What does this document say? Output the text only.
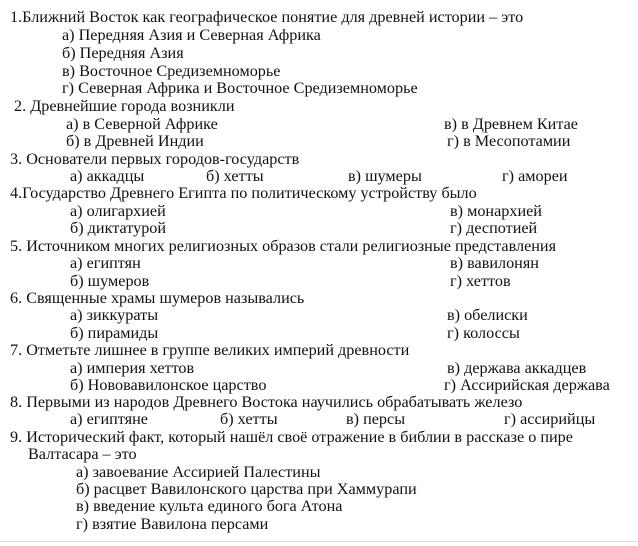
1.Ближний Восток как географическое понятие для древней истории – это
а) Передняя Азия и Северная Африка
б) Передняя Азия
в) Восточное Средиземноморье
г) Северная Африка и Восточное Средиземноморье
2. Древнейшие города возникли
а) в Северной Африке	в) в Древнем Китае
б) в Древней Индии	г) в Месопотамии
3. Основатели первых городов-государств
а) аккадцы	б) хетты	в) шумеры	г) амореи
4.Государство Древнего Египта по политическому устройству было
а) олигархией	в) монархией
б) диктатурой	г) деспотией
5. Источником многих религиозных образов стали религиозные представления
а) египтян	в) вавилонян
б) шумеров	г) хеттов
6. Священные храмы шумеров назывались
а) зиккураты	в) обелиски
б) пирамиды	г) колоссы
7. Отметьте лишнее в группе великих империй древности
а) империя хеттов	в) держава аккадцев
б) Нововавилонское царство	г) Ассирийская держава
8. Первыми из народов Древнего Востока научились обрабатывать железо
а) египтяне	б) хетты	в) персы	г) ассирийцы
9. Исторический факт, который нашёл своё отражение в библии в рассказе о пире
Валтасара – это
а) завоевание Ассирией Палестины
б) расцвет Вавилонского царства при Хаммурапи
в) введение культа единого бога Атона
г) взятие Вавилона персами
